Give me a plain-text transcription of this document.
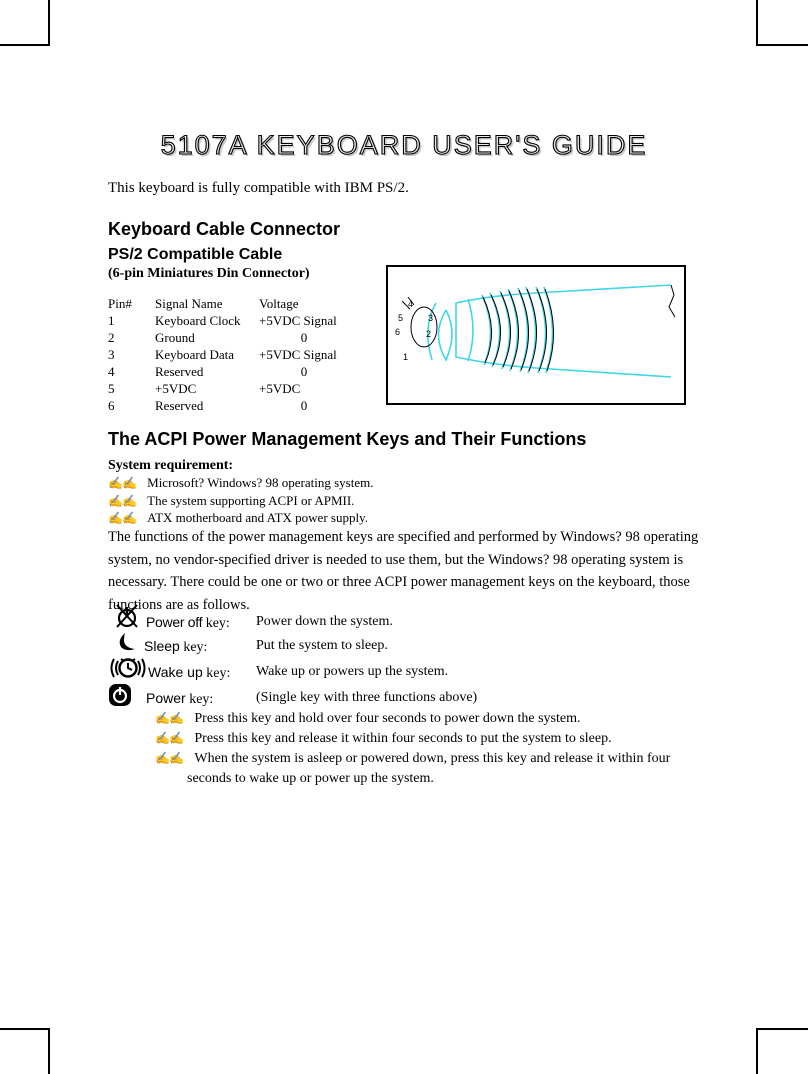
5107A KEYBOARD USER'S GUIDE
This keyboard is fully compatible with IBM PS/2.
Keyboard Cable Connector
PS/2 Compatible Cable
(6-pin Miniatures Din Connector)
Pin#	Signal Name	Voltage
1	Keyboard Clock	+5VDC Signal
2	Ground	0
3	Keyboard Data	+5VDC Signal
4	Reserved	0
5	+5VDC	+5VDC
6	Reserved	0
4
5
6
3
2
1
The ACPI Power Management Keys and Their Functions
System requirement:
✍✍ Microsoft? Windows? 98 operating system.
✍✍ The system supporting ACPI or APMII.
✍✍ ATX motherboard and ATX power supply.
The functions of the power management keys are specified and performed by Windows? 98 operating system, no vendor-specified driver is needed to use them, but the Windows? 98 operating system is necessary. There could be one or two or three ACPI power management keys on the keyboard, those functions are as follows.
Power off key: Power down the system.
Sleep key:	Put the system to sleep.
Wake up key: Wake up or powers up the system.
Power key:	(Single key with three functions above)
✍✍ Press this key and hold over four seconds to power down the system.
✍✍ Press this key and release it within four seconds to put the system to sleep.
✍✍ When the system is asleep or powered down, press this key and release it within four
seconds to wake up or power up the system.
